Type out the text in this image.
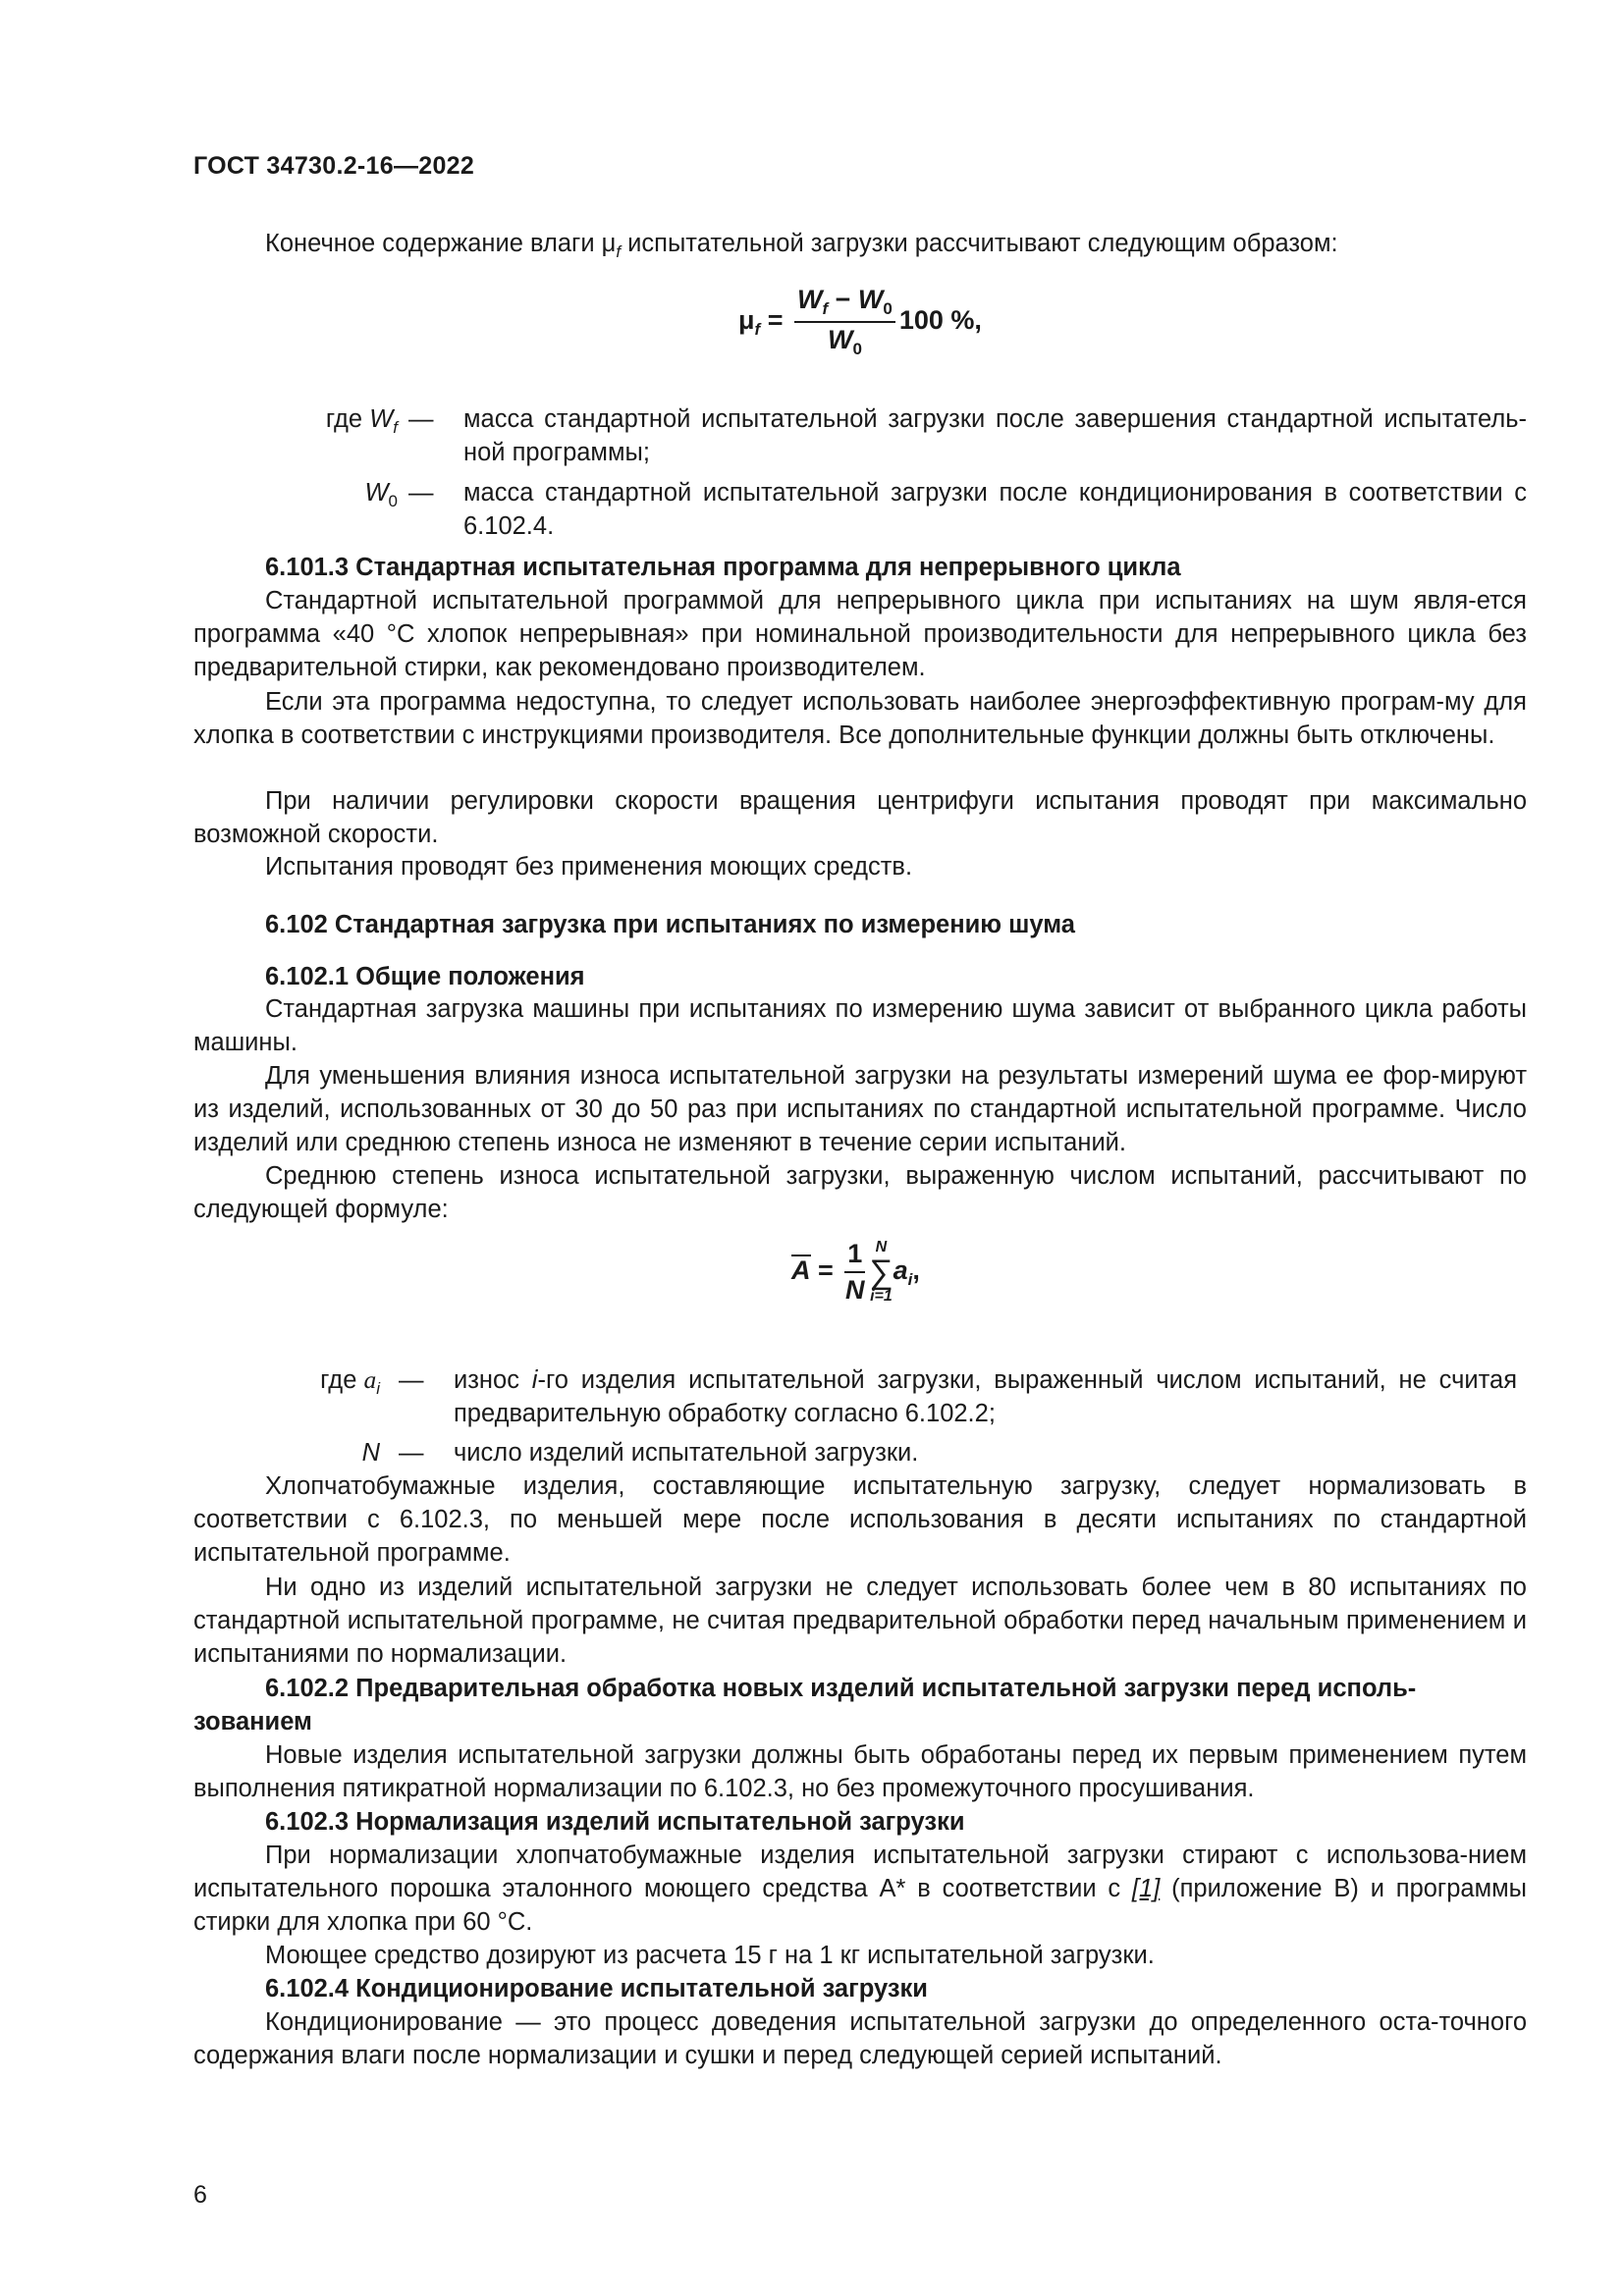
ГОСТ 34730.2-16—2022
Конечное содержание влаги $\mu_f$ испытательной загрузки рассчитывают следующим образом:
$\mu_f = \frac{W_f - W_0}{W_0} 100$ %,
где $W_f$ — масса стандартной испытательной загрузки после завершения стандартной испытатель-ной программы;
$W_0$ — масса стандартной испытательной загрузки после кондиционирования в соответствии с 6.102.4.
6.101.3 Стандартная испытательная программа для непрерывного цикла
Стандартной испытательной программой для непрерывного цикла при испытаниях на шум явля-ется программа «40 °С хлопок непрерывная» при номинальной производительности для непрерывного цикла без предварительной стирки, как рекомендовано производителем.
Если эта программа недоступна, то следует использовать наиболее энергоэффективную програм-му для хлопка в соответствии с инструкциями производителя. Все дополнительные функции должны быть отключены.
При наличии регулировки скорости вращения центрифуги испытания проводят при максимально возможной скорости.
Испытания проводят без применения моющих средств.
6.102 Стандартная загрузка при испытаниях по измерению шума
6.102.1 Общие положения
Стандартная загрузка машины при испытаниях по измерению шума зависит от выбранного цикла работы машины.
Для уменьшения влияния износа испытательной загрузки на результаты измерений шума ее фор-мируют из изделий, использованных от 30 до 50 раз при испытаниях по стандартной испытательной программе. Число изделий или среднюю степень износа не изменяют в течение серии испытаний.
Среднюю степень износа испытательной загрузки, выраженную числом испытаний, рассчитывают по следующей формуле:
$A = \frac{1}{N}$ N
∑
i=1
$a_i$,
где $a_i$ — износ i-го изделия испытательной загрузки, выраженный числом испытаний, не считая предварительную обработку согласно 6.102.2;
N — число изделий испытательной загрузки.
Хлопчатобумажные изделия, составляющие испытательную загрузку, следует нормализовать в соответствии с 6.102.3, по меньшей мере после использования в десяти испытаниях по стандартной испытательной программе.
Ни одно из изделий испытательной загрузки не следует использовать более чем в 80 испытаниях по стандартной испытательной программе, не считая предварительной обработки перед начальным применением и испытаниями по нормализации.
6.102.2 Предварительная обработка новых изделий испытательной загрузки перед исполь-зованием
Новые изделия испытательной загрузки должны быть обработаны перед их первым применением путем выполнения пятикратной нормализации по 6.102.3, но без промежуточного просушивания.
6.102.3 Нормализация изделий испытательной загрузки
При нормализации хлопчатобумажные изделия испытательной загрузки стирают с использова-нием испытательного порошка эталонного моющего средства А* в соответствии с [1] (приложение В) и программы стирки для хлопка при 60 °С.
Моющее средство дозируют из расчета 15 г на 1 кг испытательной загрузки.
6.102.4 Кондиционирование испытательной загрузки
Кондиционирование — это процесс доведения испытательной загрузки до определенного оста-точного содержания влаги после нормализации и сушки и перед следующей серией испытаний.
6
